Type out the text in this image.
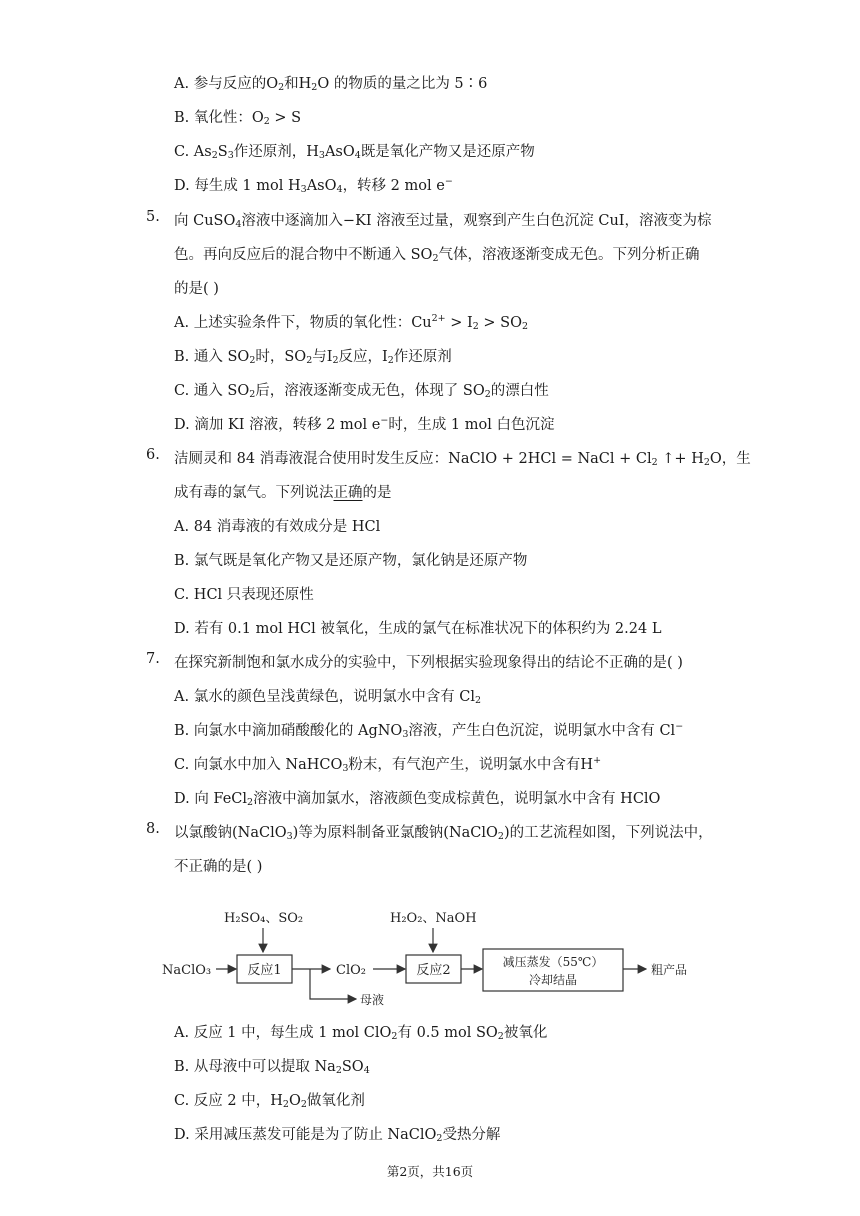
A. 参与反应的$O_2$和$H_2O$ 的物质的量之比为 5∶6
B. 氧化性：$O_2 > S$
C. $As_2S_3$作还原剂，$H_3AsO_4$既是氧化产物又是还原产物
D. 每生成 1 mol $H_3AsO_4$，转移 2 mol e−
5. 向 CuSO$_4$溶液中逐滴加入−KI 溶液至过量，观察到产生白色沉淀 CuI，溶液变为棕
色。再向反应后的混合物中不断通入 $SO_2$气体，溶液逐渐变成无色。下列分析正确
的是( )
A. 上述实验条件下，物质的氧化性：$Cu^{2+} > I_2 > SO_2$
B. 通入 $SO_2$时，$SO_2$与$I_2$反应，$I_2$作还原剂
C. 通入 $SO_2$后，溶液逐渐变成无色，体现了 $SO_2$的漂白性
D. 滴加 KI 溶液，转移 2 mol e−时，生成 1 mol 白色沉淀
6. 洁厕灵和 84 消毒液混合使用时发生反应：NaClO + 2HCl = NaCl + $Cl_2$ ↑+ $H_2O$，生
成有毒的氯气。下列说法正确的是
A. 84 消毒液的有效成分是 HCl
B. 氯气既是氧化产物又是还原产物，氯化钠是还原产物
C. HCl 只表现还原性
D. 若有 0.1 mol HCl 被氧化，生成的氯气在标准状况下的体积约为 2.24 L
7. 在探究新制饱和氯水成分的实验中，下列根据实验现象得出的结论不正确的是( )
A. 氯水的颜色呈浅黄绿色，说明氯水中含有 $Cl_2$
B. 向氯水中滴加硝酸酸化的 AgNO$_3$溶液，产生白色沉淀，说明氯水中含有 Cl−
C. 向氯水中加入 NaHCO$_3$粉末，有气泡产生，说明氯水中含有H+
D. 向 FeCl$_2$溶液中滴加氯水，溶液颜色变成棕黄色，说明氯水中含有 HClO
8. 以氯酸钠(NaClO$_3$)等为原料制备亚氯酸钠(NaClO$_2$)的工艺流程如图，下列说法中，
不正确的是( )
H₂SO₄、SO₂	H₂O₂、NaOH
NaClO₃	反应1	ClO₂	反应2
减压蒸发（55℃）
冷却结晶
粗产品
母液
A. 反应 1 中，每生成 1 mol ClO$_2$有 0.5 mol $SO_2$被氧化
B. 从母液中可以提取 $Na_2SO_4$
C. 反应 2 中，$H_2O_2$做氧化剂
D. 采用减压蒸发可能是为了防止 NaClO$_2$受热分解
第2页，共16页
